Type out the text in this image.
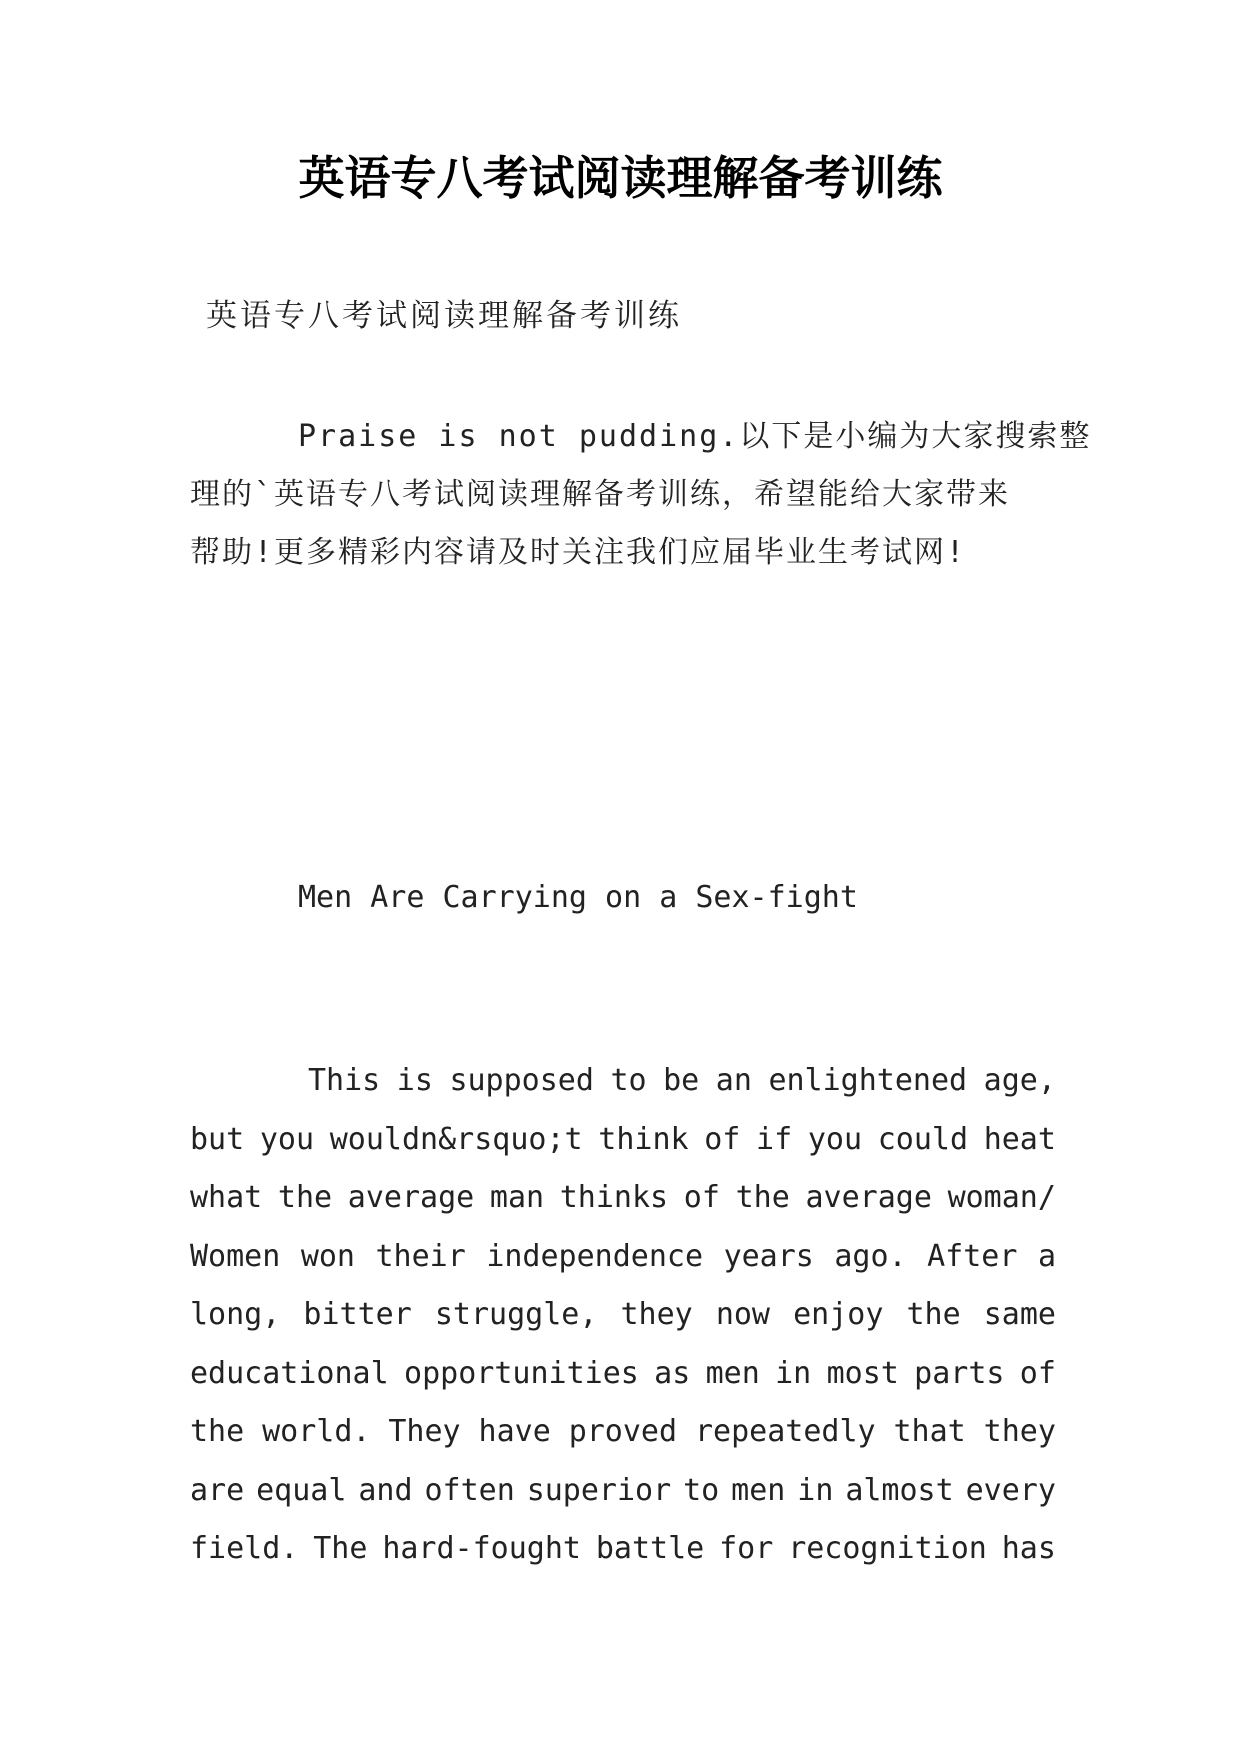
英语专八考试阅读理解备考训练
英语专八考试阅读理解备考训练
Praise is not pudding.以下是小编为大家搜索整
理的`英语专八考试阅读理解备考训练，希望能给大家带来
帮助!更多精彩内容请及时关注我们应届毕业生考试网!
Men Are Carrying on a Sex-fight
This is supposed to be an enlightened age,
but you wouldn&rsquo;t think of if you could heat
what the average man thinks of the average woman/
Women won their independence years ago. After a
long, bitter struggle, they now enjoy the same
educational opportunities as men in most parts of
the world. They have proved repeatedly that they
are equal and often superior to men in almost every
field. The hard-fought battle for recognition has
